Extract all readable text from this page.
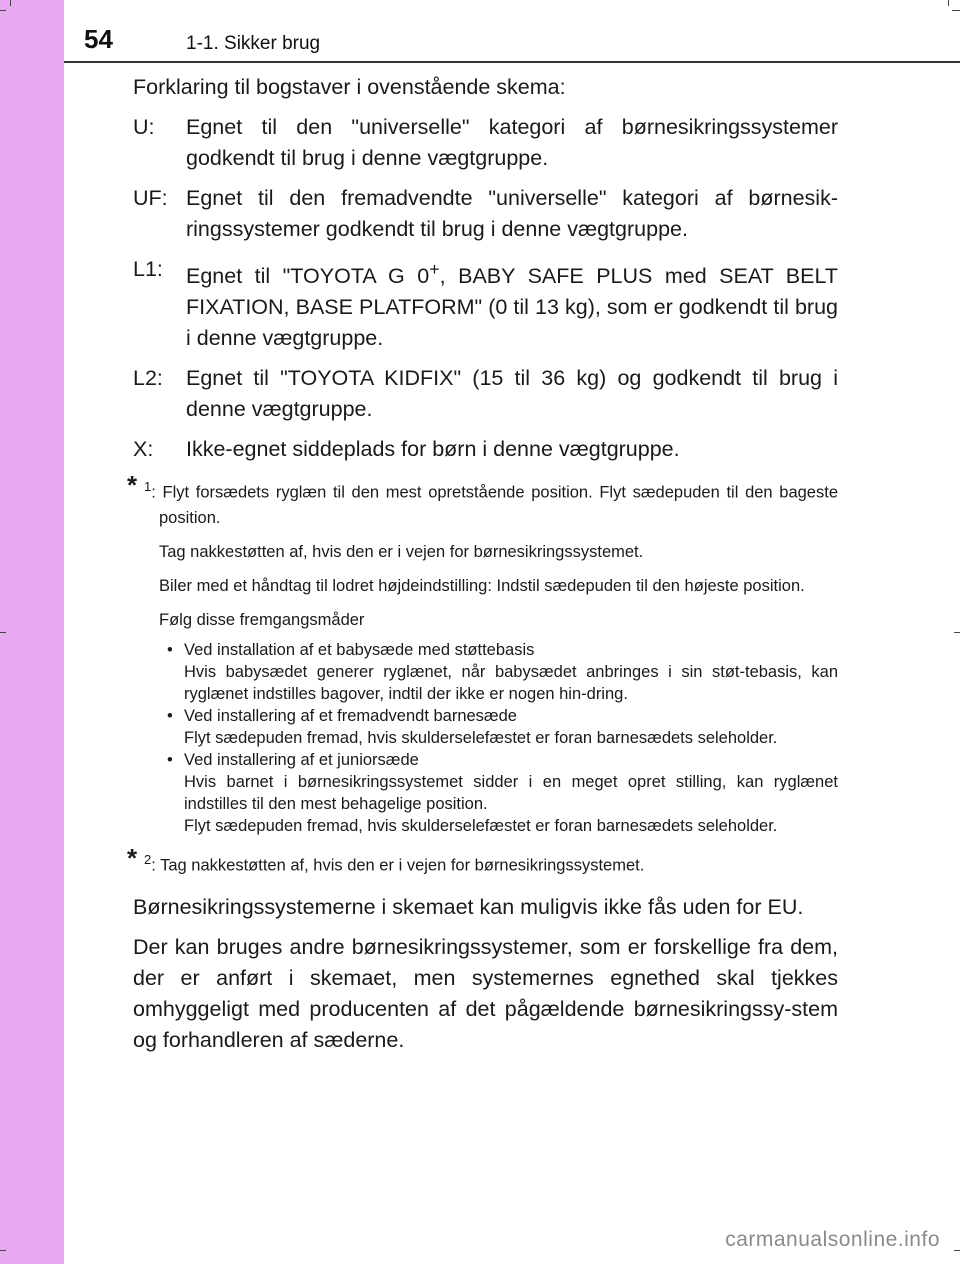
54	1-1. Sikker brug

Forklaring til bogstaver i ovenstående skema:

U:	Egnet til den "universelle" kategori af børnesikringssystemer godkendt til brug i denne vægtgruppe.
UF: Egnet til den fremadvendte "universelle" kategori af børnesik-ringssystemer godkendt til brug i denne vægtgruppe.
L1:	Egnet til "TOYOTA G 0+, BABY SAFE PLUS med SEAT BELT FIXATION, BASE PLATFORM" (0 til 13 kg), som er godkendt til brug i denne vægtgruppe.
L2:	Egnet til "TOYOTA KIDFIX" (15 til 36 kg) og godkendt til brug i denne vægtgruppe.
X:	Ikke-egnet siddeplads for børn i denne vægtgruppe.
* $^1$: Flyt forsædets ryglæn til den mest opretstående position. Flyt sædepuden til den bageste position.

Tag nakkestøtten af, hvis den er i vejen for børnesikringssystemet.

Biler med et håndtag til lodret højdeindstilling: Indstil sædepuden til den højeste position.

Følg disse fremgangsmåder

• Ved installation af et babysæde med støttebasis
Hvis babysædet generer ryglænet, når babysædet anbringes i sin støt-tebasis, kan ryglænet indstilles bagover, indtil der ikke er nogen hin-dring.
• Ved installering af et fremadvendt barnesæde
Flyt sædepuden fremad, hvis skulderselefæstet er foran barnesædets seleholder.
• Ved installering af et juniorsæde
Hvis barnet i børnesikringssystemet sidder i en meget opret stilling, kan ryglænet indstilles til den mest behagelige position.
Flyt sædepuden fremad, hvis skulderselefæstet er foran barnesædets seleholder.
* $^2$: Tag nakkestøtten af, hvis den er i vejen for børnesikringssystemet.

Børnesikringssystemerne i skemaet kan muligvis ikke fås uden for EU.

Der kan bruges andre børnesikringssystemer, som er forskellige fra dem, der er anført i skemaet, men systemernes egnethed skal tjekkes omhyggeligt med producenten af det pågældende børnesikringssy-stem og forhandleren af sæderne.

carmanualsonline.info
